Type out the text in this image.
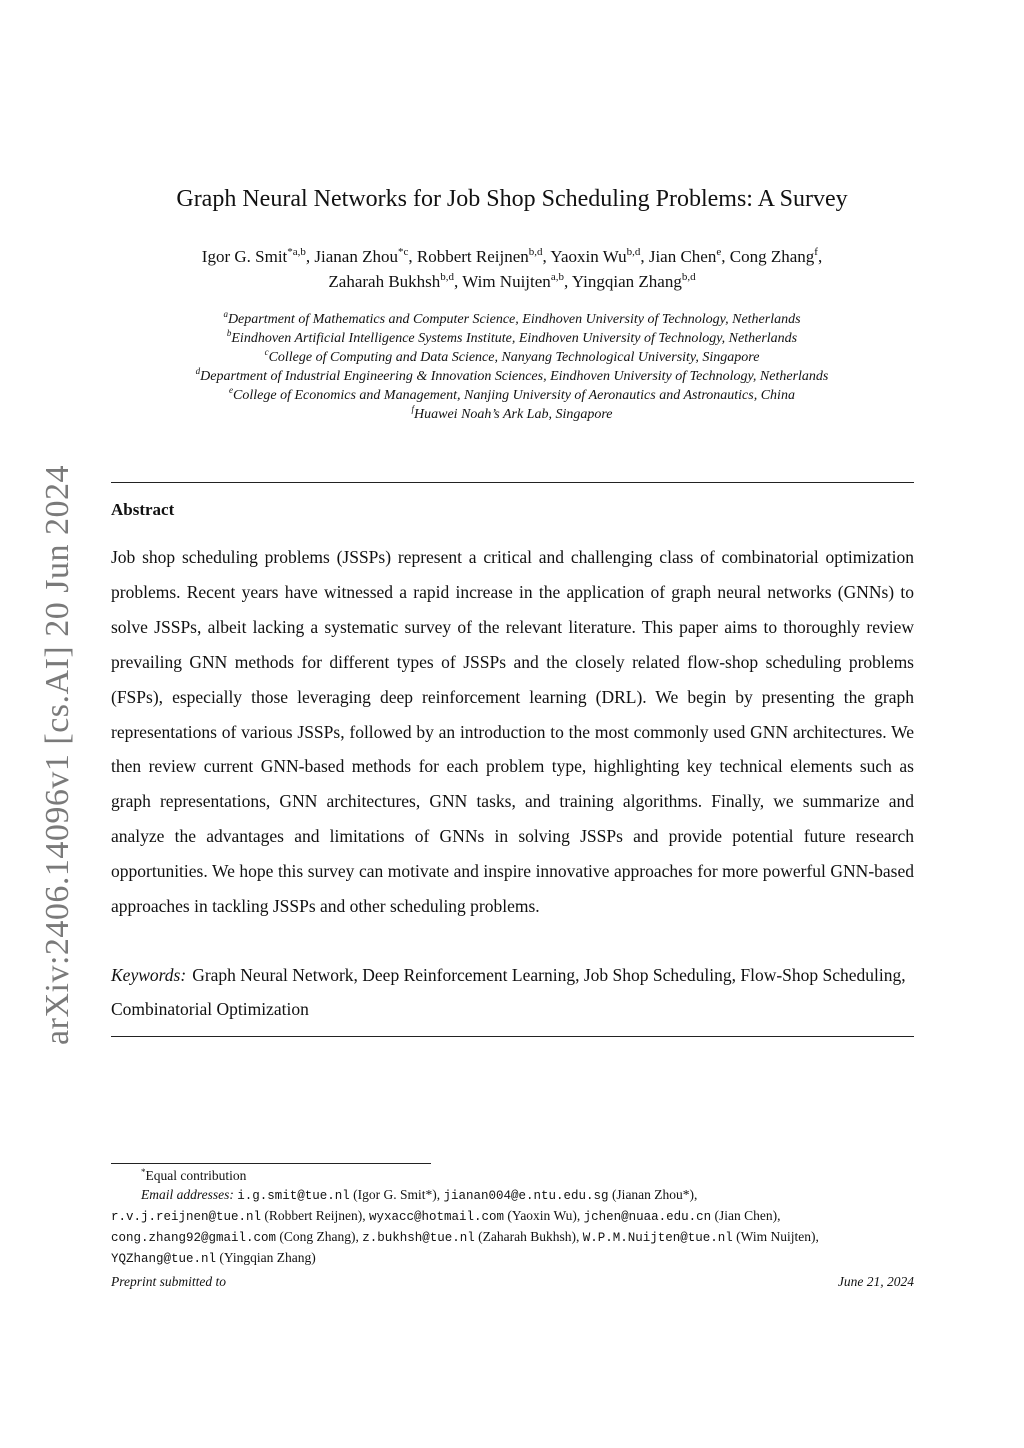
arXiv:2406.14096v1 [cs.AI] 20 Jun 2024
Graph Neural Networks for Job Shop Scheduling Problems: A Survey
Igor G. Smit$^{*a,b}$, Jianan Zhou$^{*c}$, Robbert Reijnen$^{b,d}$, Yaoxin Wu$^{b,d}$, Jian Chen$^e$, Cong Zhang$^f$,
Zaharah Bukhsh$^{b,d}$, Wim Nuijten$^{a,b}$, Yingqian Zhang$^{b,d}$
$^a$Department of Mathematics and Computer Science, Eindhoven University of Technology, Netherlands
$^b$Eindhoven Artificial Intelligence Systems Institute, Eindhoven University of Technology, Netherlands
$^c$College of Computing and Data Science, Nanyang Technological University, Singapore
$^d$Department of Industrial Engineering & Innovation Sciences, Eindhoven University of Technology, Netherlands
$^e$College of Economics and Management, Nanjing University of Aeronautics and Astronautics, China
$^f$Huawei Noah’s Ark Lab, Singapore
Abstract
Job shop scheduling problems (JSSPs) represent a critical and challenging class of combinatorial optimization problems. Recent years have witnessed a rapid increase in the application of graph neural networks (GNNs) to solve JSSPs, albeit lacking a systematic survey of the relevant literature. This paper aims to thoroughly review prevailing GNN methods for different types of JSSPs and the closely related flow-shop scheduling problems (FSPs), especially those leveraging deep reinforcement learning (DRL). We begin by presenting the graph representations of various JSSPs, followed by an introduction to the most commonly used GNN architectures. We then review current GNN-based methods for each problem type, highlighting key technical elements such as graph representations, GNN architectures, GNN tasks, and training algorithms. Finally, we summarize and analyze the advantages and limitations of GNNs in solving JSSPs and provide potential future research opportunities. We hope this survey can motivate and inspire innovative approaches for more powerful GNN-based approaches in tackling JSSPs and other scheduling problems.
Keywords: Graph Neural Network, Deep Reinforcement Learning, Job Shop Scheduling, Flow-Shop Scheduling, Combinatorial Optimization
*Equal contribution
Email addresses: i.g.smit@tue.nl (Igor G. Smit*), jianan004@e.ntu.edu.sg (Jianan Zhou*),
r.v.j.reijnen@tue.nl (Robbert Reijnen), wyxacc@hotmail.com (Yaoxin Wu), jchen@nuaa.edu.cn (Jian Chen),
cong.zhang92@gmail.com (Cong Zhang), z.bukhsh@tue.nl (Zaharah Bukhsh), W.P.M.Nuijten@tue.nl (Wim Nuijten), YQZhang@tue.nl (Yingqian Zhang)
Preprint submitted to	June 21, 2024
